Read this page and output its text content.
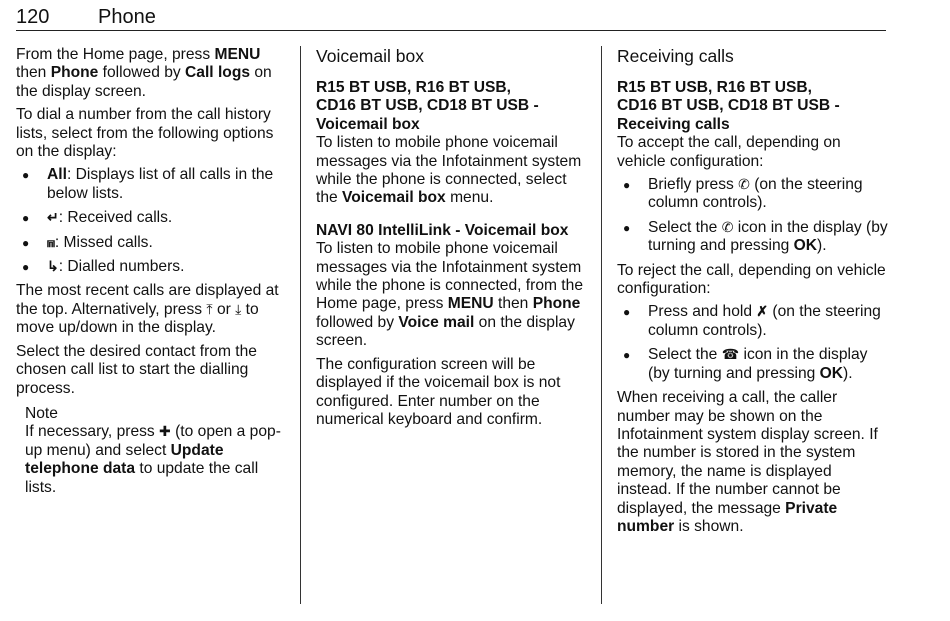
120 Phone

From the Home page, press MENU then Phone followed by Call logs on the display screen.

To dial a number from the call history lists, select from the following options on the display:

● All: Displays list of all calls in the below lists.
● ↵: Received calls.
● ⩎: Missed calls.
● ↳: Dialled numbers.

The most recent calls are displayed at the top. Alternatively, press ⤒ or ⤓ to move up/down in the display.

Select the desired contact from the chosen call list to start the dialling process.

Note
If necessary, press ✚ (to open a pop-up menu) and select Update telephone data to update the call lists.
Voicemail box
R15 BT USB, R16 BT USB,
CD16 BT USB, CD18 BT USB -
Voicemail box

To listen to mobile phone voicemail messages via the Infotainment system while the phone is connected, select the Voicemail box menu.

NAVI 80 IntelliLink - Voicemail box

To listen to mobile phone voicemail messages via the Infotainment system while the phone is connected, from the Home page, press MENU then Phone followed by Voice mail on the display screen.

The configuration screen will be displayed if the voicemail box is not configured. Enter number on the numerical keyboard and confirm.

Receiving calls
R15 BT USB, R16 BT USB,
CD16 BT USB, CD18 BT USB -
Receiving calls

To accept the call, depending on vehicle configuration:

● Briefly press ✆ (on the steering column controls).
● Select the ✆ icon in the display (by turning and pressing OK).

To reject the call, depending on vehicle configuration:

● Press and hold ✗ (on the steering column controls).
● Select the ☎ icon in the display (by turning and pressing OK).

When receiving a call, the caller number may be shown on the Infotainment system display screen. If the number is stored in the system memory, the name is displayed instead. If the number cannot be displayed, the message Private number is shown.
